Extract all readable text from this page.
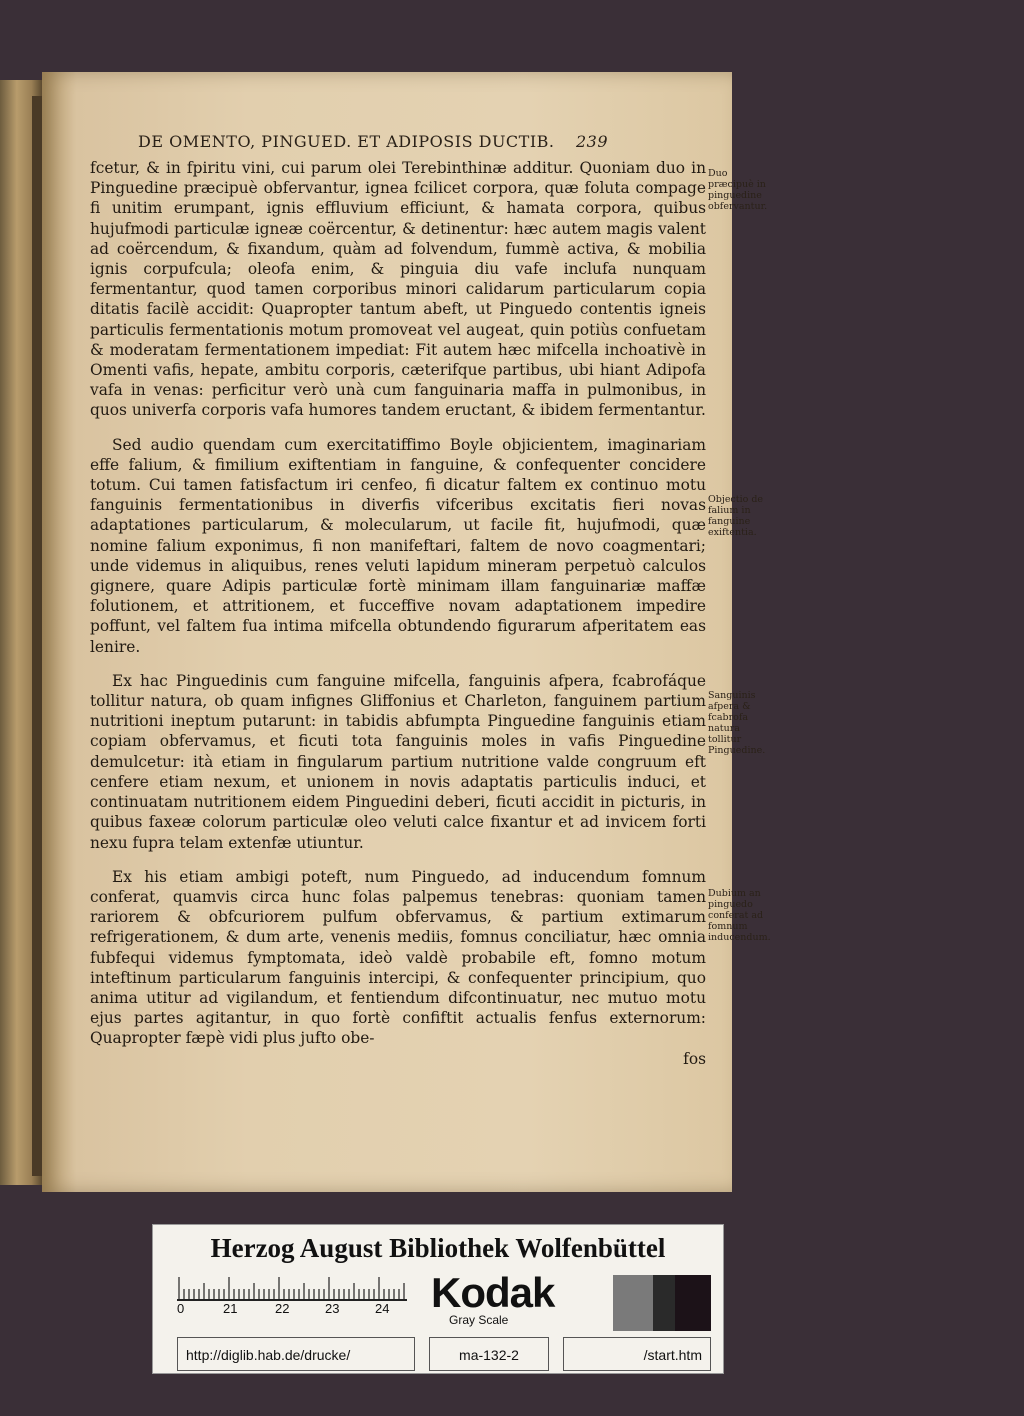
DE OMENTO, PINGUED. ET ADIPOSIS DUCTIB. 239

fcetur, & in fpiritu vini, cui parum olei Terebinthinæ additur. Quoniam duo in Pinguedine præcipuè obfervantur, ignea fcilicet corpora, quæ foluta compage fi unitim erumpant, ignis effluvium efficiunt, & hamata corpora, quibus hujufmodi particulæ igneæ coërcentur, & detinentur: hæc autem magis valent ad coërcendum, & fixandum, quàm ad folvendum, fummè activa, & mobilia ignis corpufcula; oleofa enim, & pinguia diu vafe inclufa nunquam fermentantur, quod tamen corporibus minori calidarum particularum copia ditatis facilè accidit: Quapropter tantum abeft, ut Pinguedo contentis igneis particulis fermentationis motum promoveat vel augeat, quin potiùs confuetam & moderatam fermentationem impediat: Fit autem hæc mifcella inchoativè in Omenti vafis, hepate, ambitu corporis, cæterifque partibus, ubi hiant Adipofa vafa in venas: perficitur verò unà cum fanguinaria maffa in pulmonibus, in quos univerfa corporis vafa humores tandem eructant, & ibidem fermentantur.

Sed audio quendam cum exercitatiffimo Boyle objicientem, imaginariam effe falium, & fimilium exiftentiam in fanguine, & confequenter concidere totum. Cui tamen fatisfactum iri cenfeo, fi dicatur faltem ex continuo motu fanguinis fermentationibus in diverfis vifceribus excitatis fieri novas adaptationes particularum, & molecularum, ut facile fit, hujufmodi, quæ nomine falium exponimus, fi non manifeftari, faltem de novo coagmentari; unde videmus in aliquibus, renes veluti lapidum mineram perpetuò calculos gignere, quare Adipis particulæ fortè minimam illam fanguinariæ maffæ folutionem, et attritionem, et fucceffive novam adaptationem impedire poffunt, vel faltem fua intima mifcella obtundendo figurarum afperitatem eas lenire.

Ex hac Pinguedinis cum fanguine mifcella, fanguinis afpera, fcabrofáque tollitur natura, ob quam infignes Gliffonius et Charleton, fanguinem partium nutritioni ineptum putarunt: in tabidis abfumpta Pinguedine fanguinis etiam copiam obfervamus, et ficuti tota fanguinis moles in vafis Pinguedine demulcetur: ità etiam in fingularum partium nutritione valde congruum eft cenfere etiam nexum, et unionem in novis adaptatis particulis induci, et continuatam nutritionem eidem Pinguedini deberi, ficuti accidit in picturis, in quibus faxeæ colorum particulæ oleo veluti calce fixantur et ad invicem forti nexu fupra telam extenfæ utiuntur.

Ex his etiam ambigi poteft, num Pinguedo, ad inducendum fomnum conferat, quamvis circa hunc folas palpemus tenebras: quoniam tamen rariorem & obfcuriorem pulfum obfervamus, & partium extimarum refrigerationem, & dum arte, venenis mediis, fomnus conciliatur, hæc omnia fubfequi videmus fymptomata, ideò valdè probabile eft, fomno motum inteftinum particularum fanguinis intercipi, & confequenter principium, quo anima utitur ad vigilandum, et fentiendum difcontinuatur, nec mutuo motu ejus partes agitantur, in quo fortè confiftit actualis fenfus externorum: Quapropter fæpè vidi plus jufto obe-

fos

Duo præcipuè in pinguedine obfervantur.
Objectio de falium in fanguine exiftentia.
Sanguinis afpera & fcabrofa natura tollitur Pinguedine.
Dubium an pinguedo conferat ad fomnum inducendum.
Herzog August Bibliothek Wolfenbüttel
0	21	22	23	24 Kodak
Gray Scale
http://diglib.hab.de/drucke/	ma-132-2	/start.htm
